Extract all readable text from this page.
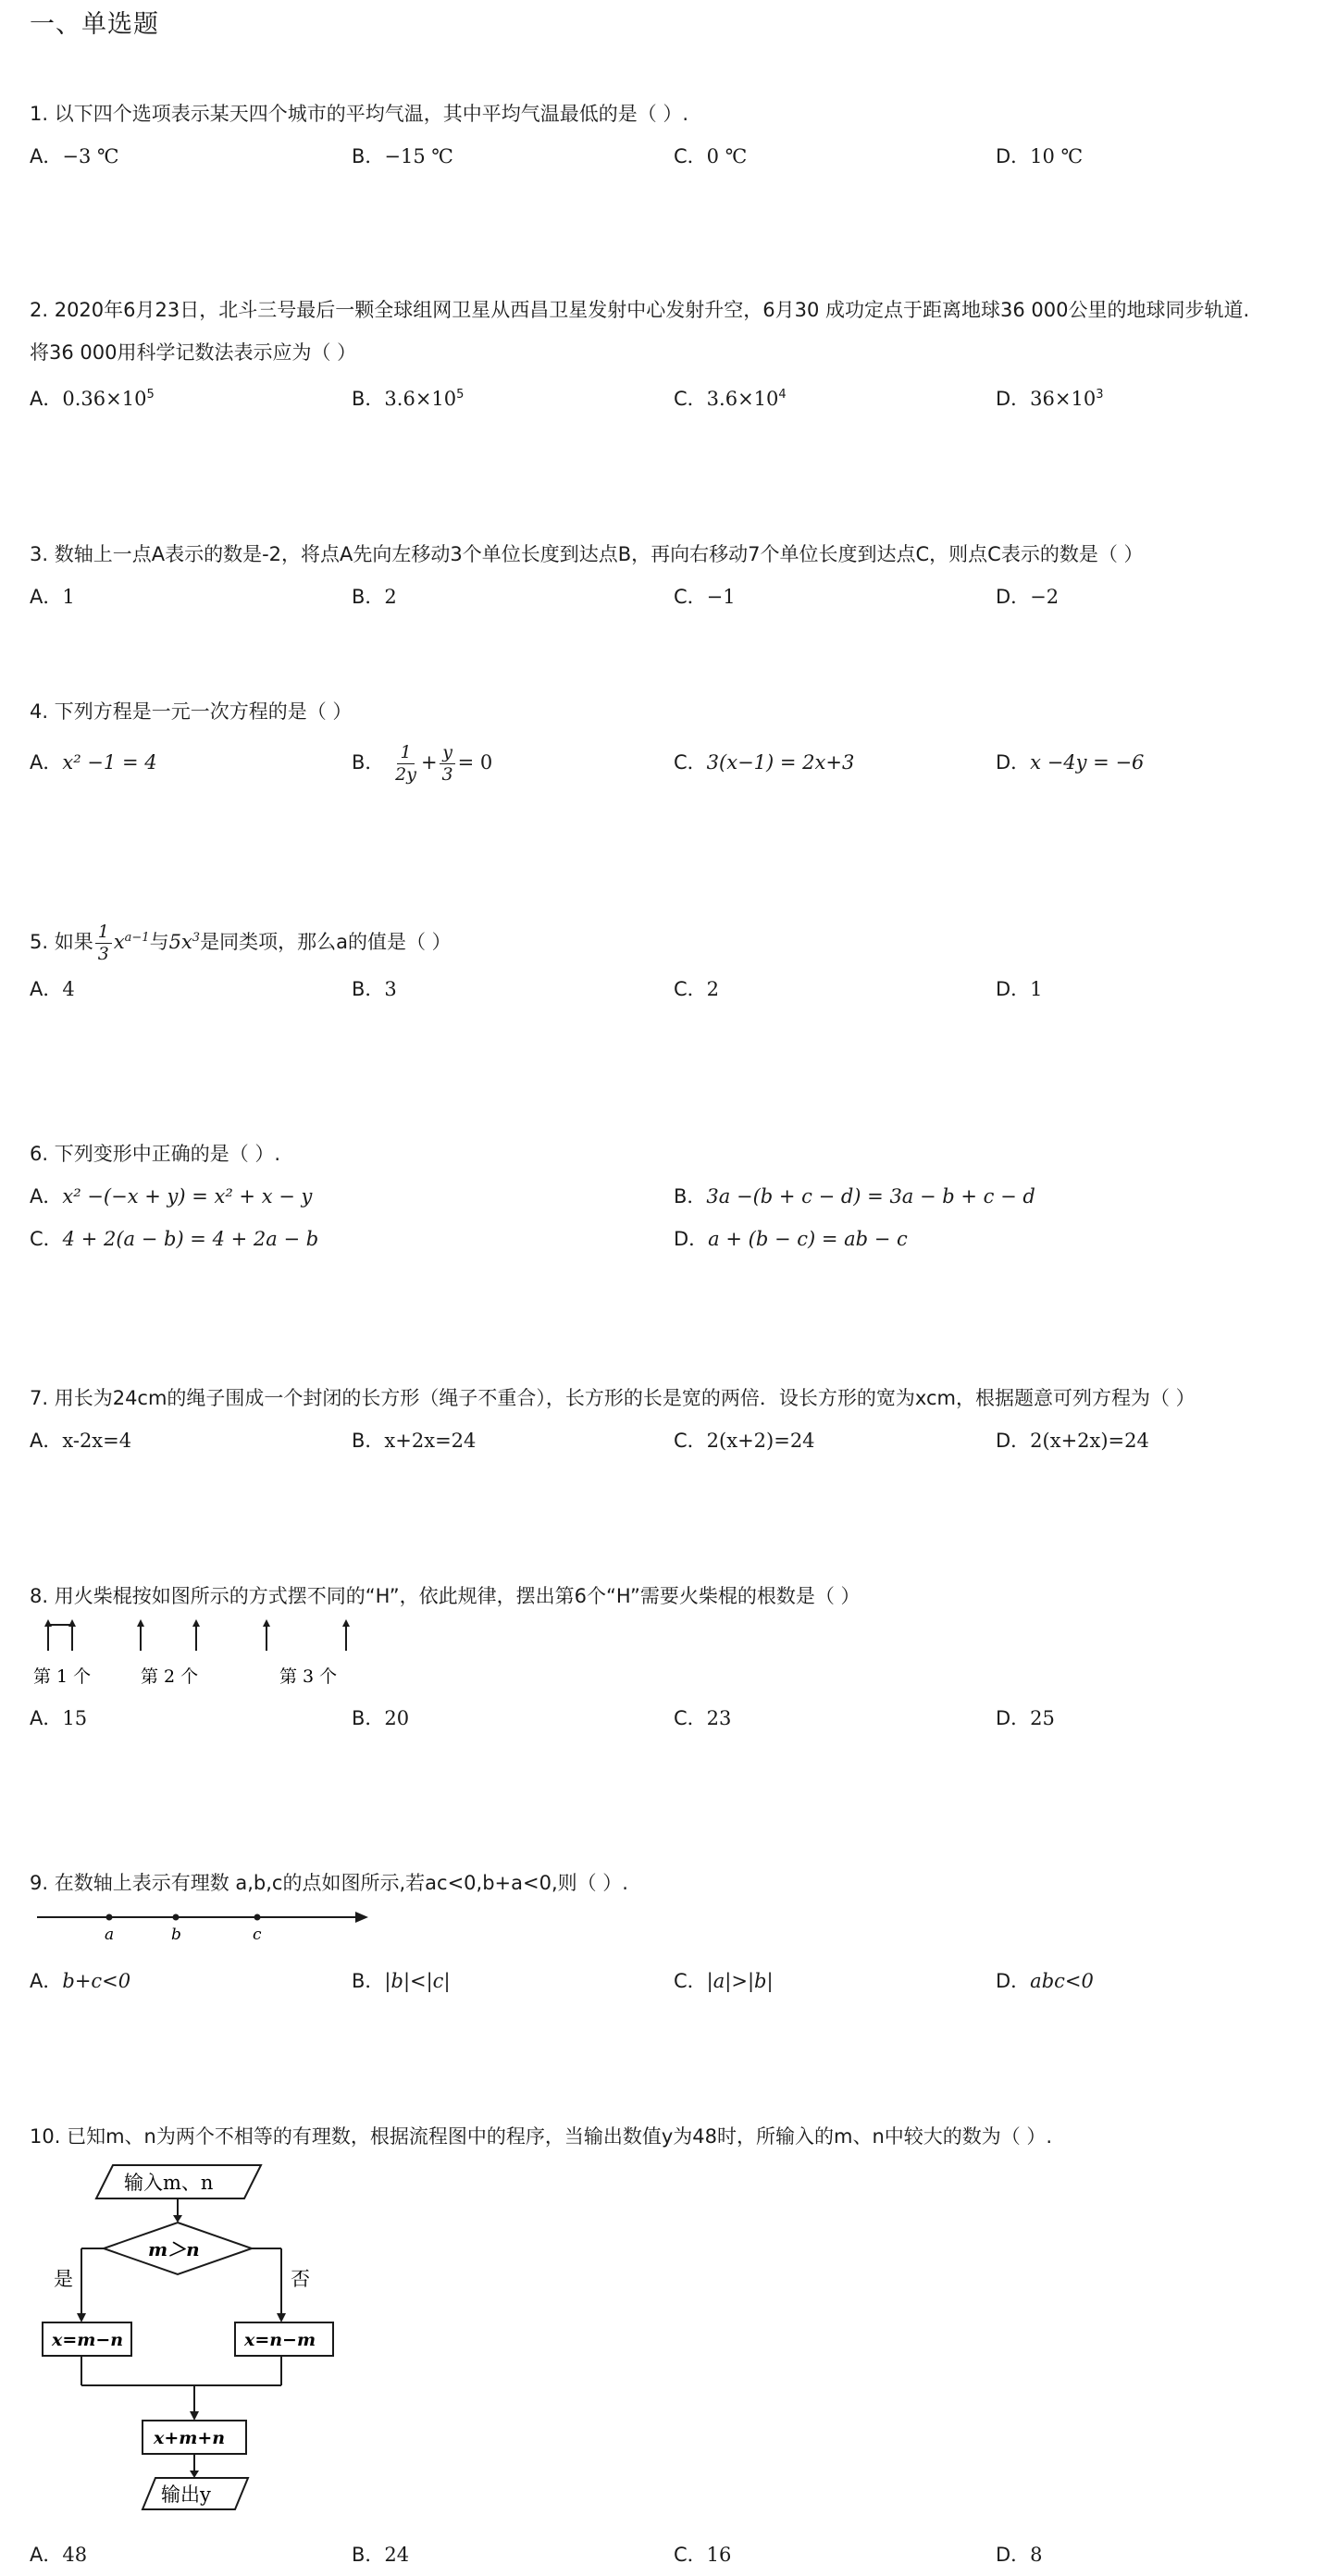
一、单选题

1. 以下四个选项表示某天四个城市的平均气温，其中平均气温最低的是（ ）.

A．−3 ℃	B．−15 ℃	C．0 ℃	D．10 ℃

2. 2020年6月23日，北斗三号最后一颗全球组网卫星从西昌卫星发射中心发射升空，6月30 成功定点于距离地球36 000公里的地球同步轨道.

将36 000用科学记数法表示应为（ ）

A．$0.36\times 10^5$	B．$3.6\times 10^5$	C．$3.6\times 10^4$	D．$36\times 10^3$

3. 数轴上一点A表示的数是-2，将点A先向左移动3个单位长度到达点B，再向右移动7个单位长度到达点C，则点C表示的数是（ ）

A．1	B．2	C．−1	D．−2

4. 下列方程是一元一次方程的是（ ）

A．x² −1 = 4	B． $\frac{1}{2y} + \frac{y}{3} = 0$	C．3(x−1) = 2x+3	D．x −4y = −6

5. 如果 $\frac{1}{3} x^{a-1}$与$5x^3$是同类项，那么a的值是（ ）

A．4	B．3	C．2	D．1

6. 下列变形中正确的是（ ）.

A．x² −(−x + y) = x² + x − y	B．3a −(b + c − d) = 3a − b + c − d
C．4 + 2(a − b) = 4 + 2a − b	D．a + (b − c) = ab − c

7. 用长为24cm的绳子围成一个封闭的长方形（绳子不重合），长方形的长是宽的两倍．设长方形的宽为xcm，根据题意可列方程为（ ）

A．x-2x=4	B．x+2x=24	C．2(x+2)=24	D．2(x+2x)=24

8. 用火柴棍按如图所示的方式摆不同的“H”，依此规律，摆出第6个“H”需要火柴棍的根数是（ ）

第 1 个	第 2 个	第 3 个
A．15	B．20	C．23	D．25

9. 在数轴上表示有理数 a,b,c的点如图所示,若ac<0,b+a<0,则（ ）.

a	b	c
A．b+c<0	B．|b|<|c|	C．|a|>|b|	D．abc<0

10. 已知m、n为两个不相等的有理数，根据流程图中的程序，当输出数值y为48时，所输入的m、n中较大的数为（ ）.

输入m、n
m＞n
是	否
x=m−n	x=n−m
x+m+n
输出y
A．48	B．24	C．16	D．8
